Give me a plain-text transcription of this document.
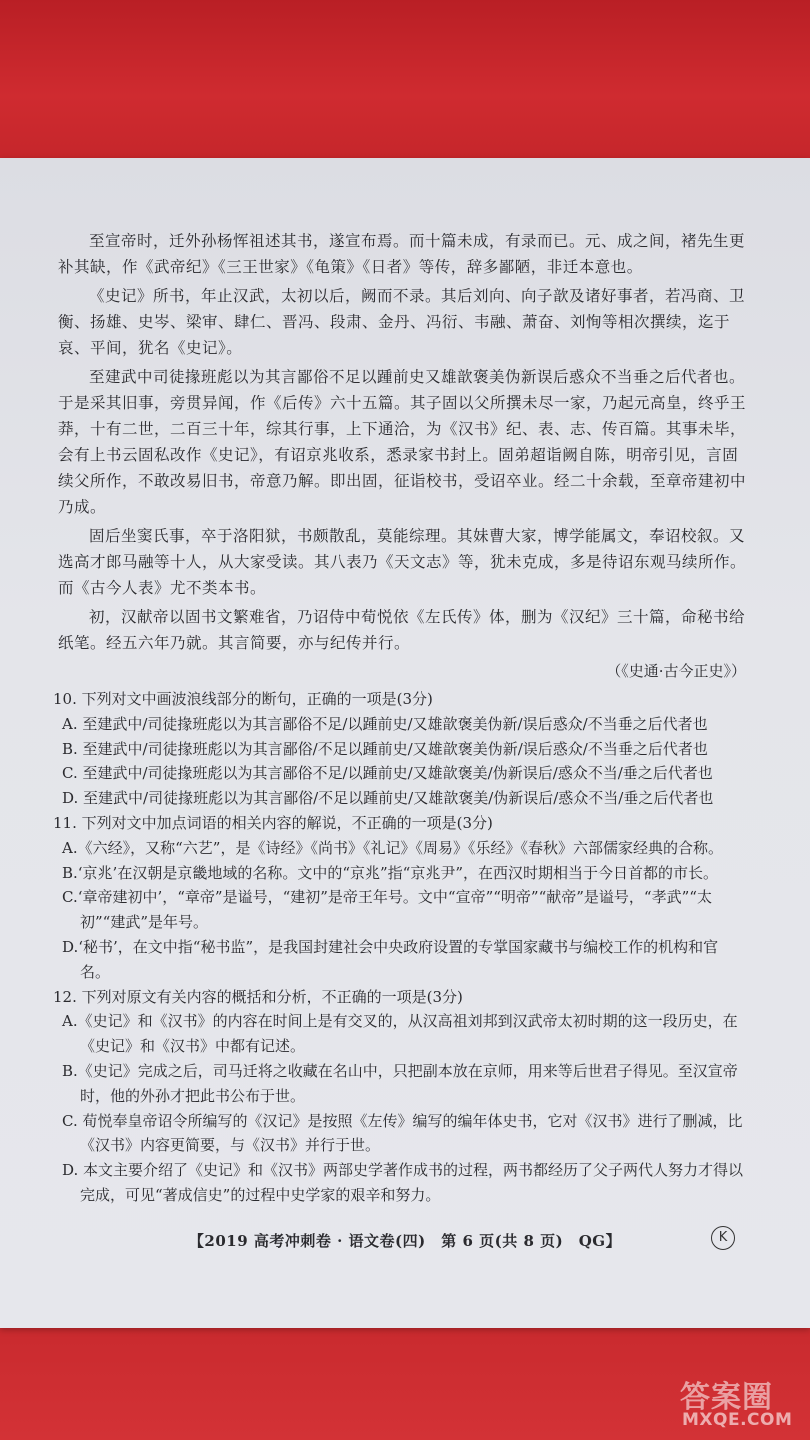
至宣帝时，迁外孙杨恽祖述其书，遂宣布焉。而十篇未成，有录而已。元、成之间，褚先生更补其缺，作《武帝纪》《三王世家》《龟策》《日者》等传，辞多鄙陋，非迁本意也。

《史记》所书，年止汉武，太初以后，阙而不录。其后刘向、向子歆及诸好事者，若冯商、卫衡、扬雄、史岑、梁审、肆仁、晋冯、段肃、金丹、冯衍、韦融、萧奋、刘恂等相次撰续，迄于哀、平间，犹名《史记》。

至建武中司徒掾班彪以为其言鄙俗不足以踵前史又雄歆褒美伪新误后惑众不当垂之后代者也。于是采其旧事，旁贯异闻，作《后传》六十五篇。其子固以父所撰未尽一家，乃起元高皇，终乎王莽，十有二世，二百三十年，综其行事，上下通洽，为《汉书》纪、表、志、传百篇。其事未毕，会有上书云固私改作《史记》，有诏京兆收系，悉录家书封上。固弟超诣阙自陈，明帝引见，言固续父所作，不敢改易旧书，帝意乃解。即出固，征诣校书，受诏卒业。经二十余载，至章帝建初中乃成。

固后坐窦氏事，卒于洛阳狱，书颇散乱，莫能综理。其妹曹大家，博学能属文，奉诏校叙。又选高才郎马融等十人，从大家受读。其八表乃《天文志》等，犹未克成，多是待诏东观马续所作。而《古今人表》尤不类本书。

初，汉献帝以固书文繁难省，乃诏侍中荀悦依《左氏传》体，删为《汉纪》三十篇，命秘书给纸笔。经五六年乃就。其言简要，亦与纪传并行。

（《史通·古今正史》）

10. 下列对文中画波浪线部分的断句，正确的一项是(3分)

A. 至建武中/司徒掾班彪以为其言鄙俗不足/以踵前史/又雄歆褒美伪新/误后惑众/不当垂之后代者也

B. 至建武中/司徒掾班彪以为其言鄙俗/不足以踵前史/又雄歆褒美伪新/误后惑众/不当垂之后代者也

C. 至建武中/司徒掾班彪以为其言鄙俗不足/以踵前史/又雄歆褒美/伪新误后/惑众不当/垂之后代者也

D. 至建武中/司徒掾班彪以为其言鄙俗/不足以踵前史/又雄歆褒美/伪新误后/惑众不当/垂之后代者也

11. 下列对文中加点词语的相关内容的解说，不正确的一项是(3分)

A.《六经》，又称“六艺”，是《诗经》《尚书》《礼记》《周易》《乐经》《春秋》六部儒家经典的合称。

B.‘京兆’在汉朝是京畿地域的名称。文中的“京兆”指“京兆尹”，在西汉时期相当于今日首都的市长。

C.‘章帝建初中’，“章帝”是谥号，“建初”是帝王年号。文中“宣帝”“明帝”“献帝”是谥号，“孝武”“太初”“建武”是年号。

D.‘秘书’，在文中指“秘书监”，是我国封建社会中央政府设置的专掌国家藏书与编校工作的机构和官名。

12. 下列对原文有关内容的概括和分析，不正确的一项是(3分)

A.《史记》和《汉书》的内容在时间上是有交叉的，从汉高祖刘邦到汉武帝太初时期的这一段历史，在《史记》和《汉书》中都有记述。

B.《史记》完成之后，司马迁将之收藏在名山中，只把副本放在京师，用来等后世君子得见。至汉宣帝时，他的外孙才把此书公布于世。

C. 荀悦奉皇帝诏令所编写的《汉记》是按照《左传》编写的编年体史书，它对《汉书》进行了删减，比《汉书》内容更简要，与《汉书》并行于世。

D. 本文主要介绍了《史记》和《汉书》两部史学著作成书的过程，两书都经历了父子两代人努力才得以完成，可见“著成信史”的过程中史学家的艰辛和努力。

【2019 高考冲刺卷 · 语文卷(四)　第 6 页(共 8 页)　QG】	K
答案圈
MXQE.COM
